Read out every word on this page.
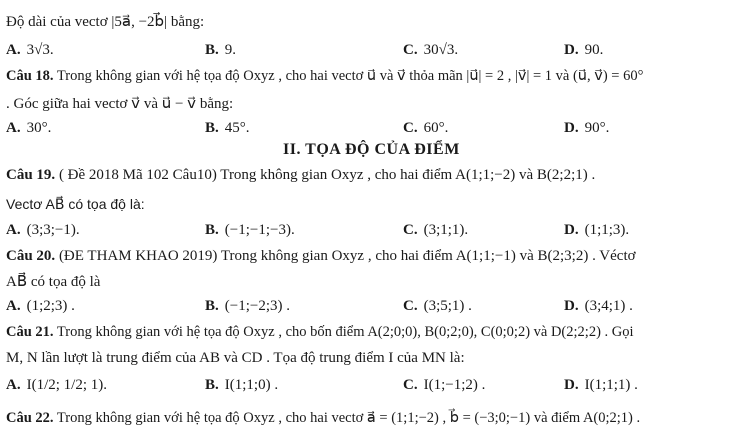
Độ dài của vectơ |5a⃗, −2b⃗| bằng:
A. 3√3.	B. 9.	C. 30√3.	D. 90.
Câu 18. Trong không gian với hệ tọa độ Oxyz , cho hai vectơ u⃗ và v⃗ thỏa mãn |u⃗| = 2 , |v⃗| = 1 và (u⃗, v⃗) = 60°
. Góc giữa hai vectơ v⃗ và u⃗ − v⃗ bằng:
A. 30°.	B. 45°.	C. 60°.	D. 90°.
II. TỌA ĐỘ CỦA ĐIỂM
Câu 19. ( Đề 2018 Mã 102 Câu10) Trong không gian Oxyz , cho hai điểm A(1;1;−2) và B(2;2;1) .
Vectơ AB⃗ có tọa độ là:
A. (3;3;−1).	B. (−1;−1;−3).	C. (3;1;1).	D. (1;1;3).
Câu 20. (ĐE THAM KHAO 2019) Trong không gian Oxyz , cho hai điểm A(1;1;−1) và B(2;3;2) . Véctơ
AB⃗ có tọa độ là
A. (1;2;3) .	B. (−1;−2;3) .	C. (3;5;1) .	D. (3;4;1) .
Câu 21. Trong không gian với hệ tọa độ Oxyz , cho bốn điểm A(2;0;0), B(0;2;0), C(0;0;2) và D(2;2;2) . Gọi
M, N lần lượt là trung điểm của AB và CD . Tọa độ trung điểm I của MN là:
A. I(1/2; 1/2; 1).	B. I(1;1;0) .	C. I(1;−1;2) .	D. I(1;1;1) .
Câu 22. Trong không gian với hệ tọa độ Oxyz , cho hai vectơ a⃗ = (1;1;−2) , b⃗ = (−3;0;−1) và điểm A(0;2;1) .
